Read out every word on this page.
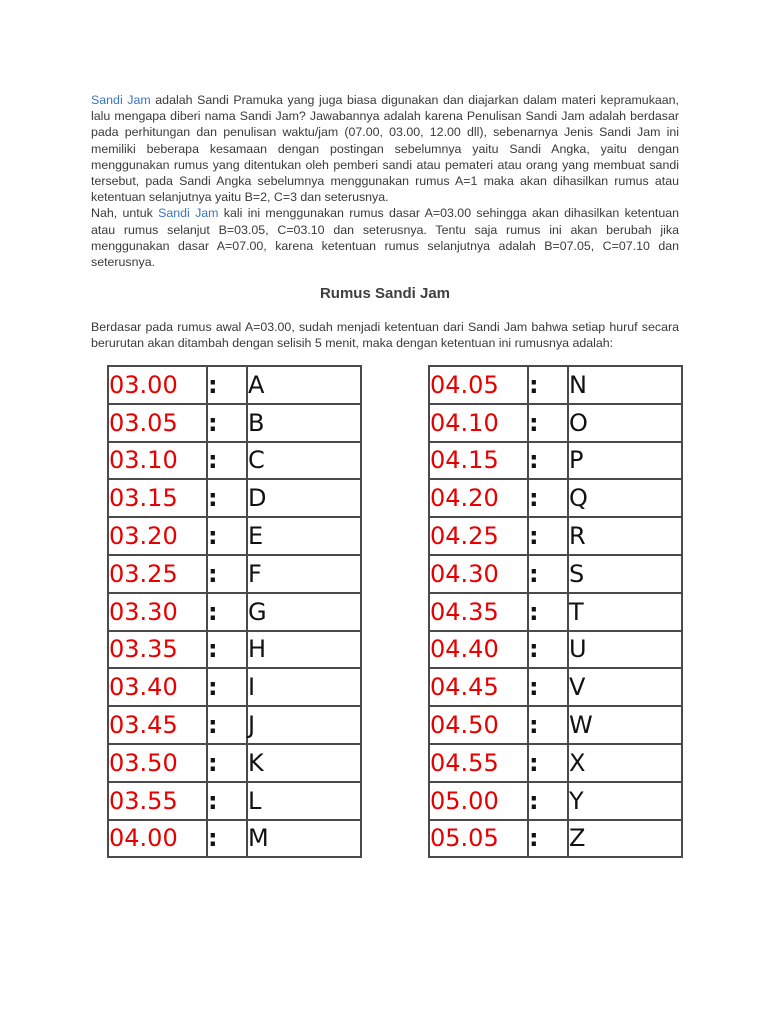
Sandi Jam adalah Sandi Pramuka yang juga biasa digunakan dan diajarkan dalam materi kepramukaan, lalu mengapa diberi nama Sandi Jam? Jawabannya adalah karena Penulisan Sandi Jam adalah berdasar pada perhitungan dan penulisan waktu/jam (07.00, 03.00, 12.00 dll), sebenarnya Jenis Sandi Jam ini memiliki beberapa kesamaan dengan postingan sebelumnya yaitu Sandi Angka, yaitu dengan menggunakan rumus yang ditentukan oleh pemberi sandi atau pemateri atau orang yang membuat sandi tersebut, pada Sandi Angka sebelumnya menggunakan rumus A=1 maka akan dihasilkan rumus atau ketentuan selanjutnya yaitu B=2, C=3 dan seterusnya.

Nah, untuk Sandi Jam kali ini menggunakan rumus dasar A=03.00 sehingga akan dihasilkan ketentuan atau rumus selanjut B=03.05, C=03.10 dan seterusnya. Tentu saja rumus ini akan berubah jika menggunakan dasar A=07.00, karena ketentuan rumus selanjutnya adalah B=07.05, C=07.10 dan seterusnya.

Rumus Sandi Jam

Berdasar pada rumus awal A=03.00, sudah menjadi ketentuan dari Sandi Jam bahwa setiap huruf secara berurutan akan ditambah dengan selisih 5 menit, maka dengan ketentuan ini rumusnya adalah:

03.00	:	A
03.05	:	B
03.10	:	C
03.15	:	D
03.20	:	E
03.25	:	F
03.30	:	G
03.35	:	H
03.40	:	I
03.45	:	J
03.50	:	K
03.55	:	L
04.00	:	M
04.05	:	N
04.10	:	O
04.15	:	P
04.20	:	Q
04.25	:	R
04.30	:	S
04.35	:	T
04.40	:	U
04.45	:	V
04.50	:	W
04.55	:	X
05.00	:	Y
05.05	:	Z
